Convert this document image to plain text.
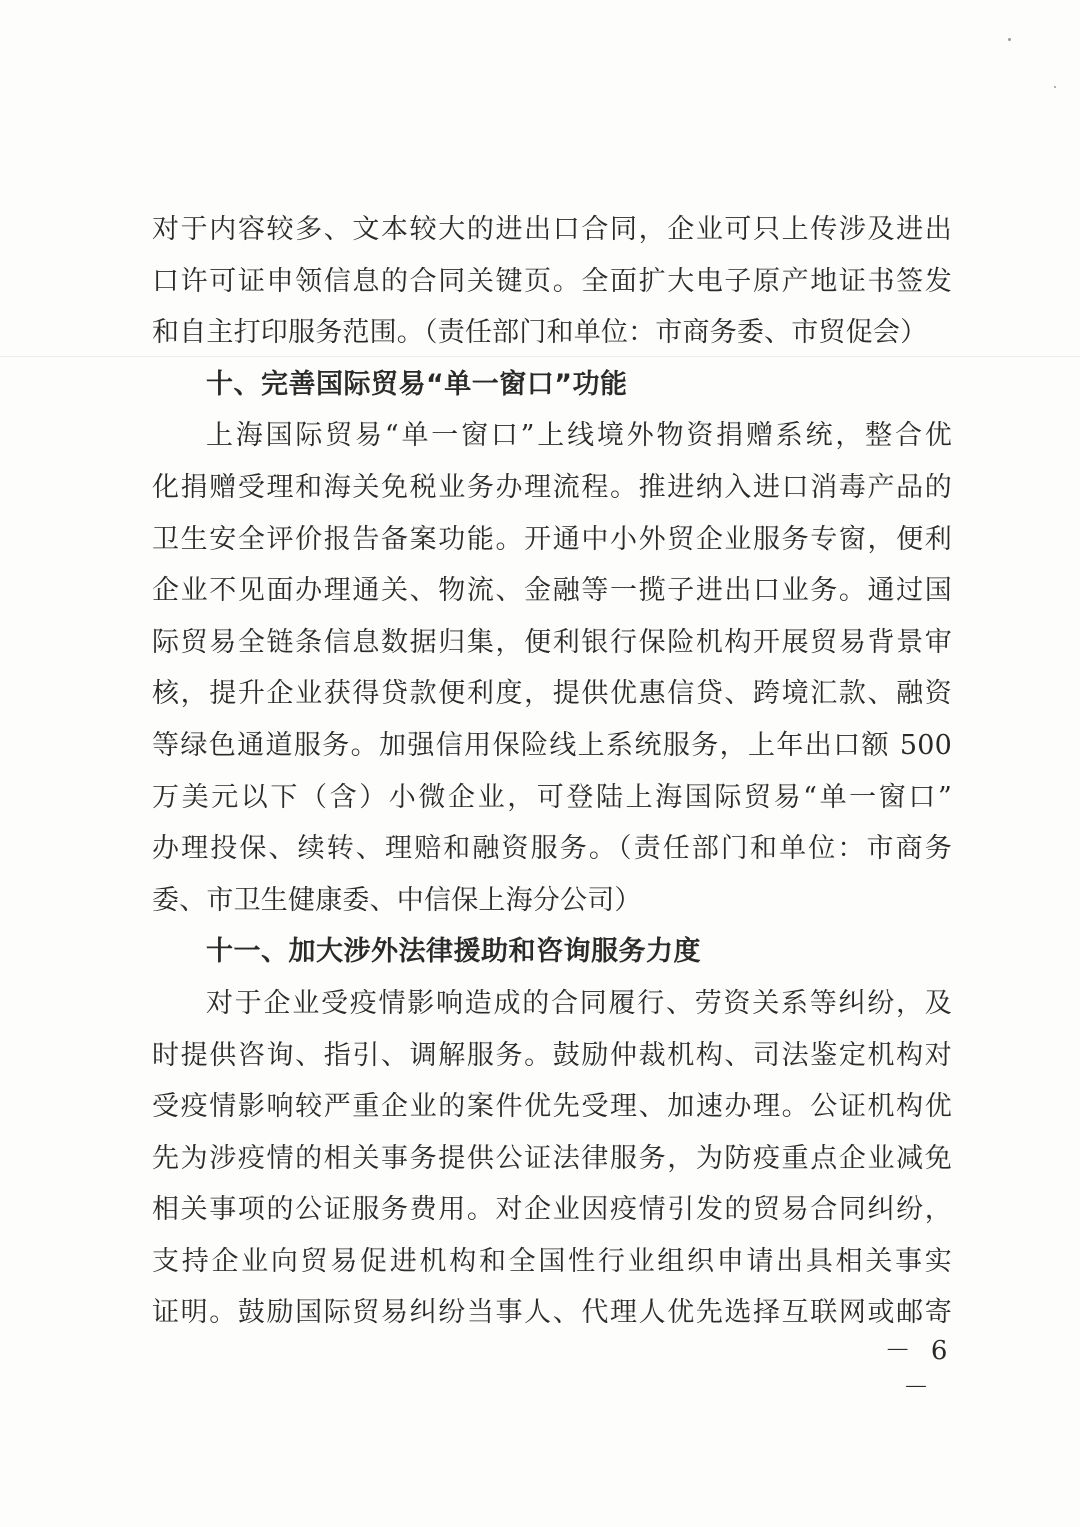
对于内容较多、文本较大的进出口合同，企业可只上传涉及进出
口许可证申领信息的合同关键页。全面扩大电子原产地证书签发
和自主打印服务范围。（责任部门和单位：市商务委、市贸促会）
十、完善国际贸易“单一窗口”功能
上海国际贸易“单一窗口”上线境外物资捐赠系统，整合优
化捐赠受理和海关免税业务办理流程。推进纳入进口消毒产品的
卫生安全评价报告备案功能。开通中小外贸企业服务专窗，便利
企业不见面办理通关、物流、金融等一揽子进出口业务。通过国
际贸易全链条信息数据归集，便利银行保险机构开展贸易背景审
核，提升企业获得贷款便利度，提供优惠信贷、跨境汇款、融资
等绿色通道服务。加强信用保险线上系统服务，上年出口额 500
万美元以下（含）小微企业，可登陆上海国际贸易“单一窗口”
办理投保、续转、理赔和融资服务。（责任部门和单位：市商务
委、市卫生健康委、中信保上海分公司）
十一、加大涉外法律援助和咨询服务力度
对于企业受疫情影响造成的合同履行、劳资关系等纠纷，及
时提供咨询、指引、调解服务。鼓励仲裁机构、司法鉴定机构对
受疫情影响较严重企业的案件优先受理、加速办理。公证机构优
先为涉疫情的相关事务提供公证法律服务，为防疫重点企业减免
相关事项的公证服务费用。对企业因疫情引发的贸易合同纠纷，
支持企业向贸易促进机构和全国性行业组织申请出具相关事实
证明。鼓励国际贸易纠纷当事人、代理人优先选择互联网或邮寄
－ 6 －
